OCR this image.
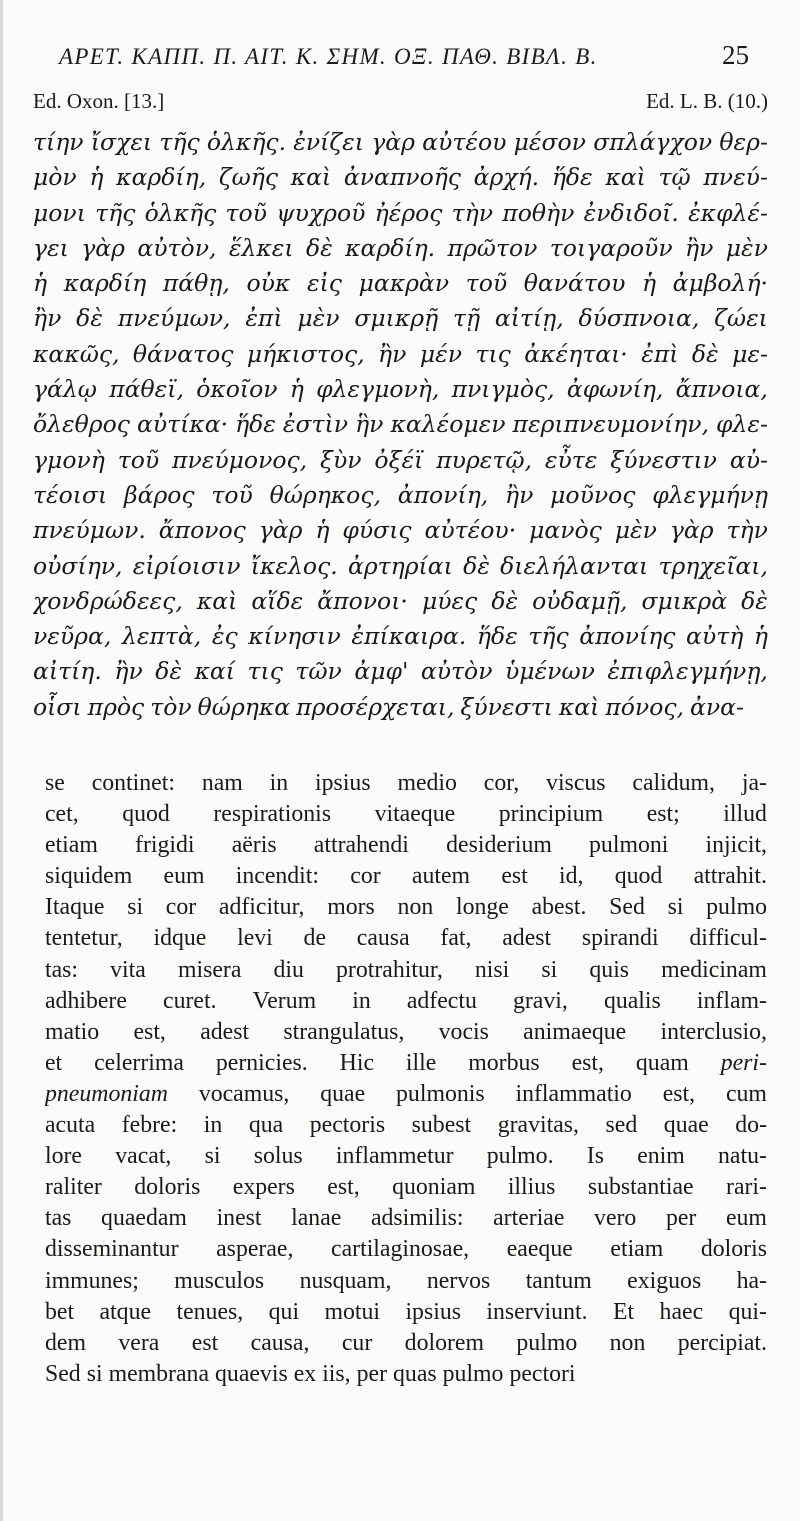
ΑΡΕΤ. ΚΑΠΠ. Π. ΑΙΤ. Κ. ΣΗΜ. ΟΞ. ΠΑΘ. ΒΙΒΛ. Β.	25
Ed. Oxon. [13.]	Ed. L. B. (10.)
τίην ἴσχει τῆς ὁλκῆς. ἐνίζει γὰρ αὐτέου μέσον σπλάγχον θερ-
μὸν ἡ καρδίη, ζωῆς καὶ ἀναπνοῆς ἀρχή. ἥδε καὶ τῷ πνεύ-
μονι τῆς ὁλκῆς τοῦ ψυχροῦ ἠέρος τὴν ποθὴν ἐνδιδοῖ. ἐκφλέ-
γει γὰρ αὐτὸν, ἕλκει δὲ καρδίη. πρῶτον τοιγαροῦν ἢν μὲν
ἡ καρδίη πάθῃ, οὐκ εἰς μακρὰν τοῦ θανάτου ἡ ἀμβολή·
ἢν δὲ πνεύμων, ἐπὶ μὲν σμικρῇ τῇ αἰτίῃ, δύσπνοια, ζώει
κακῶς, θάνατος μήκιστος, ἢν μέν τις ἀκέηται· ἐπὶ δὲ με-
γάλῳ πάθεϊ, ὁκοῖον ἡ φλεγμονὴ, πνιγμὸς, ἀφωνίη, ἄπνοια,
ὄλεθρος αὐτίκα· ἥδε ἐστὶν ἣν καλέομεν περιπνευμονίην, φλε-
γμονὴ τοῦ πνεύμονος, ξὺν ὀξέϊ πυρετῷ, εὖτε ξύνεστιν αὐ-
τέοισι βάρος τοῦ θώρηκος, ἀπονίη, ἢν μοῦνος φλεγμήνῃ
πνεύμων. ἄπονος γὰρ ἡ φύσις αὐτέου· μανὸς μὲν γὰρ τὴν
οὐσίην, εἰρίοισιν ἴκελος. ἀρτηρίαι δὲ διελήλανται τρηχεῖαι,
χονδρώδεες, καὶ αἵδε ἄπονοι· μύες δὲ οὐδαμῇ, σμικρὰ δὲ
νεῦρα, λεπτὰ, ἐς κίνησιν ἐπίκαιρα. ἥδε τῆς ἀπονίης αὐτὴ ἡ
αἰτίη. ἢν δὲ καί τις τῶν ἀμφ' αὐτὸν ὑμένων ἐπιφλεγμήνῃ,
οἷσι πρὸς τὸν θώρηκα προσέρχεται, ξύνεστι καὶ πόνος, ἀνα-
se continet: nam in ipsius medio cor, viscus calidum, ja-
cet, quod respirationis vitaeque principium est; illud
etiam frigidi aëris attrahendi desiderium pulmoni injicit,
siquidem eum incendit: cor autem est id, quod attrahit.
Itaque si cor adficitur, mors non longe abest. Sed si pulmo
tentetur, idque levi de causa fat, adest spirandi difficul-
tas: vita misera diu protrahitur, nisi si quis medicinam
adhibere curet. Verum in adfectu gravi, qualis inflam-
matio est, adest strangulatus, vocis animaeque interclusio,
et celerrima pernicies. Hic ille morbus est, quam peri-
pneumoniam vocamus, quae pulmonis inflammatio est, cum
acuta febre: in qua pectoris subest gravitas, sed quae do-
lore vacat, si solus inflammetur pulmo. Is enim natu-
raliter doloris expers est, quoniam illius substantiae rari-
tas quaedam inest lanae adsimilis: arteriae vero per eum
disseminantur asperae, cartilaginosae, eaeque etiam doloris
immunes; musculos nusquam, nervos tantum exiguos ha-
bet atque tenues, qui motui ipsius inserviunt. Et haec qui-
dem vera est causa, cur dolorem pulmo non percipiat.
Sed si membrana quaevis ex iis, per quas pulmo pectori
